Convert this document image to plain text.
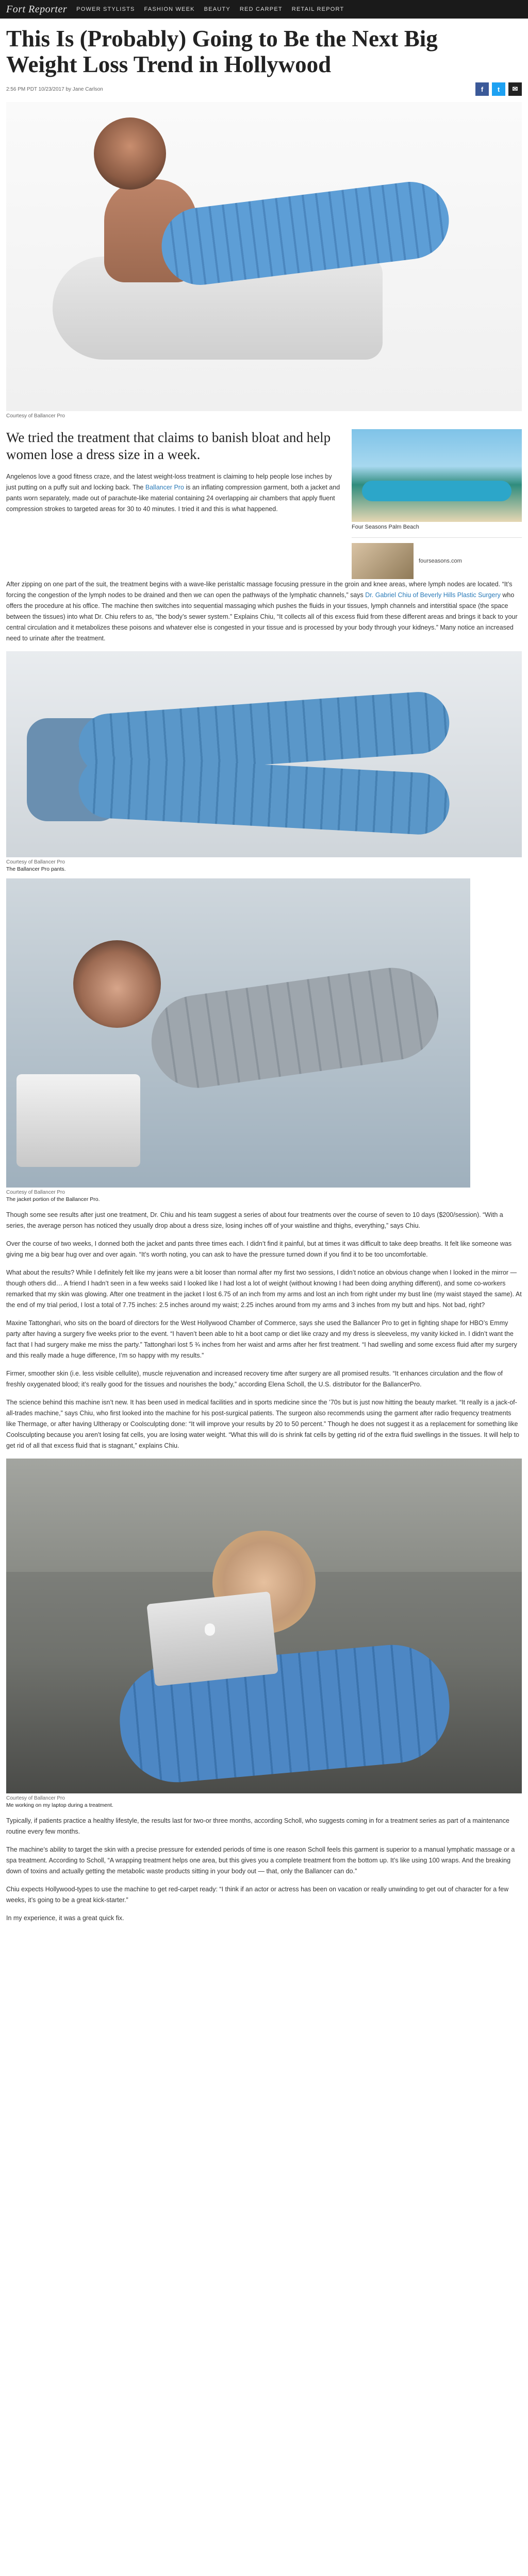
Fort Reporter POWER STYLISTS FASHION WEEK BEAUTY RED CARPET RETAIL REPORT
This Is (Probably) Going to Be the Next Big Weight Loss Trend in Hollywood
2:56 PM PDT 10/23/2017 by Jane Carlson	f	t	✉
Courtesy of Ballancer Pro
We tried the treatment that claims to banish bloat and help women lose a dress size in a week.

Angelenos love a good fitness craze, and the latest weight-loss treatment is claiming to help people lose inches by just putting on a puffy suit and locking back. The Ballancer Pro is an inflating compression garment, both a jacket and pants worn separately, made out of parachute-like material containing 24 overlapping air chambers that apply fluent compression strokes to targeted areas for 30 to 40 minutes. I tried it and this is what happened.

Four Seasons Palm Beach
fourseasons.com

After zipping on one part of the suit, the treatment begins with a wave-like peristaltic massage focusing pressure in the groin and knee areas, where lymph nodes are located. “It’s forcing the congestion of the lymph nodes to be drained and then we can open the pathways of the lymphatic channels,” says Dr. Gabriel Chiu of Beverly Hills Plastic Surgery who offers the procedure at his office. The machine then switches into sequential massaging which pushes the fluids in your tissues, lymph channels and interstitial space (the space between the tissues) into what Dr. Chiu refers to as, “the body’s sewer system.” Explains Chiu, “It collects all of this excess fluid from these different areas and brings it back to your central circulation and it metabolizes these poisons and whatever else is congested in your tissue and is processed by your body through your kidneys.” Many notice an increased need to urinate after the treatment.

Courtesy of Ballancer Pro
The Ballancer Pro pants.
Courtesy of Ballancer Pro
The jacket portion of the Ballancer Pro.

Though some see results after just one treatment, Dr. Chiu and his team suggest a series of about four treatments over the course of seven to 10 days ($200/session). “With a series, the average person has noticed they usually drop about a dress size, losing inches off of your waistline and thighs, everything,” says Chiu.

Over the course of two weeks, I donned both the jacket and pants three times each. I didn’t find it painful, but at times it was difficult to take deep breaths. It felt like someone was giving me a big bear hug over and over again. “It’s worth noting, you can ask to have the pressure turned down if you find it to be too uncomfortable.

What about the results? While I definitely felt like my jeans were a bit looser than normal after my first two sessions, I didn’t notice an obvious change when I looked in the mirror — though others did… A friend I hadn’t seen in a few weeks said I looked like I had lost a lot of weight (without knowing I had been doing anything different), and some co-workers remarked that my skin was glowing. After one treatment in the jacket I lost 6.75 of an inch from my arms and lost an inch from right under my bust line (my waist stayed the same). At the end of my trial period, I lost a total of 7.75 inches: 2.5 inches around my waist; 2.25 inches around from my arms and 3 inches from my butt and hips. Not bad, right?

Maxine Tattonghari, who sits on the board of directors for the West Hollywood Chamber of Commerce, says she used the Ballancer Pro to get in fighting shape for HBO’s Emmy party after having a surgery five weeks prior to the event. “I haven’t been able to hit a boot camp or diet like crazy and my dress is sleeveless, my vanity kicked in. I didn’t want the fact that I had surgery make me miss the party.” Tattonghari lost 5 ¾ inches from her waist and arms after her first treatment. “I had swelling and some excess fluid after my surgery and this really made a huge difference, I’m so happy with my results.”

Firmer, smoother skin (i.e. less visible cellulite), muscle rejuvenation and increased recovery time after surgery are all promised results. “It enhances circulation and the flow of freshly oxygenated blood; it’s really good for the tissues and nourishes the body,” according Elena Scholl, the U.S. distributor for the BallancerPro.

The science behind this machine isn’t new. It has been used in medical facilities and in sports medicine since the ’70s but is just now hitting the beauty market. “It really is a jack-of-all-trades machine,” says Chiu, who first looked into the machine for his post-surgical patients. The surgeon also recommends using the garment after radio frequency treatments like Thermage, or after having Ultherapy or Coolsculpting done: “It will improve your results by 20 to 50 percent.” Though he does not suggest it as a replacement for something like Coolsculpting because you aren’t losing fat cells, you are losing water weight. “What this will do is shrink fat cells by getting rid of the extra fluid swellings in the tissues. It will help to get rid of all that excess fluid that is stagnant,” explains Chiu.

Courtesy of Ballancer Pro
Me working on my laptop during a treatment.

Typically, if patients practice a healthy lifestyle, the results last for two-or three months, according Scholl, who suggests coming in for a treatment series as part of a maintenance routine every few months.

The machine’s ability to target the skin with a precise pressure for extended periods of time is one reason Scholl feels this garment is superior to a manual lymphatic massage or a spa treatment. According to Scholl, “A wrapping treatment helps one area, but this gives you a complete treatment from the bottom up. It’s like using 100 wraps. And the breaking down of toxins and actually getting the metabolic waste products sitting in your body out — that, only the Ballancer can do.”

Chiu expects Hollywood-types to use the machine to get red-carpet ready: “I think if an actor or actress has been on vacation or really unwinding to get out of character for a few weeks, it’s going to be a great kick-starter.”

In my experience, it was a great quick fix.
